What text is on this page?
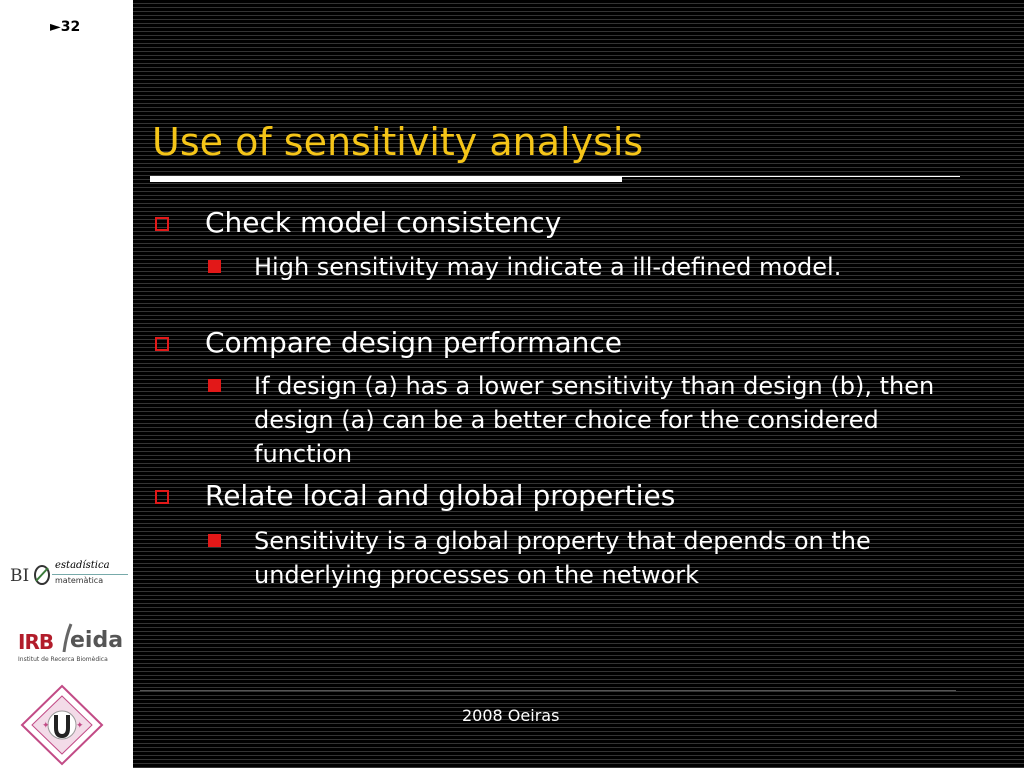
►32
BI
estadística
matemàtica
IRB eida
Institut de Recerca Biomèdica
✦	✦
Use of sensitivity analysis
Check model consistency
High sensitivity may indicate a ill-defined model.
Compare design performance
If design (a) has a lower sensitivity than design (b), then design (a) can be a better choice for the considered function
Relate local and global properties
Sensitivity is a global property that depends on the underlying processes on the network
2008 Oeiras
